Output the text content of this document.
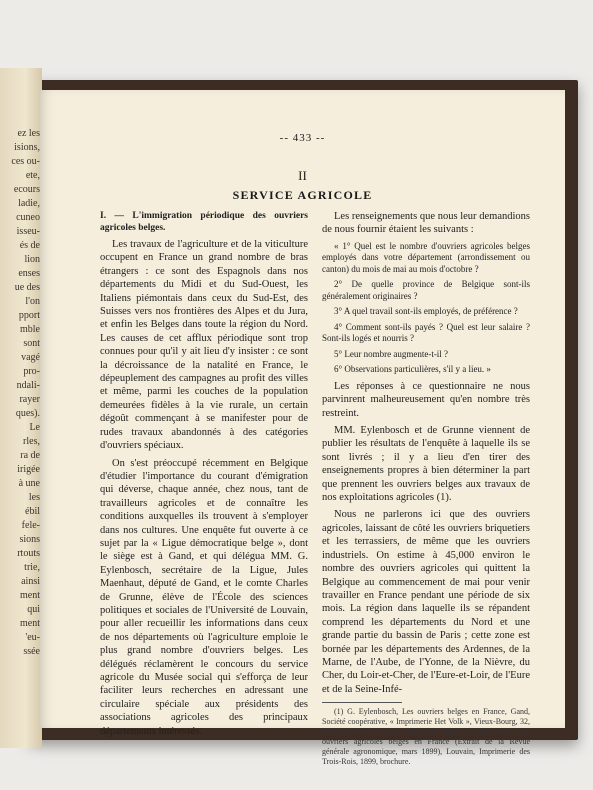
ez les
isions,
ces ou-
ete,
ecours
ladie,
cuneo
isseu-
és de
lion
enses
ue des
l'on
pport
mble
sont
vagé
pro-
ndali-
rayer
ques).
Le
rles,
ra de
irigée
à une
les
ébil
fele-
sions
rtouts
trie,
ainsi
ment
qui
ment
'eu-
ssée
-- 433 --
II
SERVICE AGRICOLE

I. — L'immigration périodique des ouvriers agricoles belges.

Les travaux de l'agriculture et de la viticulture occupent en France un grand nombre de bras étrangers : ce sont des Espagnols dans nos départements du Midi et du Sud-Ouest, les Italiens piémontais dans ceux du Sud-Est, des Suisses vers nos frontières des Alpes et du Jura, et enfin les Belges dans toute la région du Nord. Les causes de cet afflux périodique sont trop connues pour qu'il y ait lieu d'y insister : ce sont la décroissance de la natalité en France, le dépeuplement des campagnes au profit des villes et même, parmi les couches de la population demeurées fidèles à la vie rurale, un certain dégoût commençant à se manifester pour de rudes travaux abandonnés à des catégories d'ouvriers spéciaux.

On s'est préoccupé récemment en Belgique d'étudier l'importance du courant d'émigration qui déverse, chaque année, chez nous, tant de travailleurs agricoles et de connaître les conditions auxquelles ils trouvent à s'employer dans nos cultures. Une enquête fut ouverte à ce sujet par la « Ligue démocratique belge », dont le siège est à Gand, et qui délégua MM. G. Eylenbosch, secrétaire de la Ligue, Jules Maenhaut, député de Gand, et le comte Charles de Grunne, élève de l'École des sciences politiques et sociales de l'Université de Louvain, pour aller recueillir les informations dans ceux de nos départements où l'agriculture emploie le plus grand nombre d'ouvriers belges. Les délégués réclamèrent le concours du service agricole du Musée social qui s'efforça de leur faciliter leurs recherches en adressant une circulaire spéciale aux présidents des associations agricoles des principaux départements intéressés.

Les renseignements que nous leur demandions de nous fournir étaient les suivants :

« 1° Quel est le nombre d'ouvriers agricoles belges employés dans votre département (arrondissement ou canton) du mois de mai au mois d'octobre ?

2° De quelle province de Belgique sont-ils généralement originaires ?

3° A quel travail sont-ils employés, de préférence ?

4° Comment sont-ils payés ? Quel est leur salaire ? Sont-ils logés et nourris ?

5° Leur nombre augmente-t-il ?

6° Observations particulières, s'il y a lieu. »

Les réponses à ce questionnaire ne nous parvinrent malheureusement qu'en nombre très restreint.

MM. Eylenbosch et de Grunne viennent de publier les résultats de l'enquête à laquelle ils se sont livrés ; il y a lieu d'en tirer des enseignements propres à bien déterminer la part que prennent les ouvriers belges aux travaux de nos exploitations agricoles (1).

Nous ne parlerons ici que des ouvriers agricoles, laissant de côté les ouvriers briquetiers et les terrassiers, de même que les ouvriers industriels. On estime à 45,000 environ le nombre des ouvriers agricoles qui quittent la Belgique au commencement de mai pour venir travailler en France pendant une période de six mois. La région dans laquelle ils se répandent comprend les départements du Nord et une grande partie du bassin de Paris ; cette zone est bornée par les départements des Ardennes, de la Marne, de l'Aube, de l'Yonne, de la Nièvre, du Cher, du Loir-et-Cher, de l'Eure-et-Loir, de l'Eure et de la Seine-Infé-

(1) G. Eylenbosch, Les ouvriers belges en France, Gand, Société coopérative, « Imprimerie Het Volk », Vieux-Bourg, 32, 1898, brochure ; Comte Charles de Hemricourt de Grunne, Les ouvriers agricoles belges en France (Extrait de la Revue générale agronomique, mars 1899), Louvain, Imprimerie des Trois-Rois, 1899, brochure.
